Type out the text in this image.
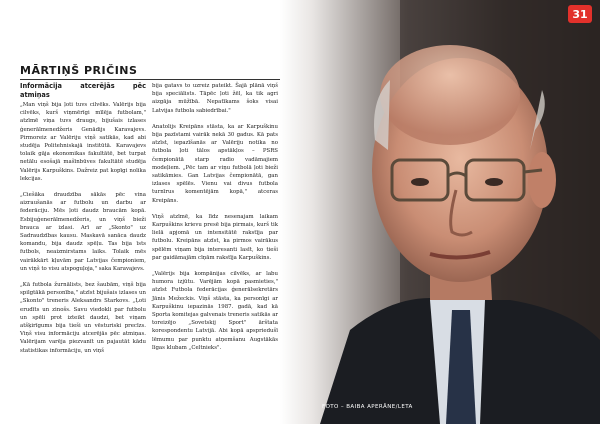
31
MĀRTIŅŠ PRIČINS
Informācija atcerējās pēc atmiņas

„Man viņš bija ļoti tuvs cilvēks. Valērijs bija cilvēks, kurš viņmērīgi mīlēja futbolam," atzīmē viņa tuvs draugs, bijušais izlases ģenerālmenedžeris Genādijs Karavajevs. Pirmoreiz ar Valēriju viņš satikās, kad abi studēja Politehniskajā institūtā. Karavajevs tolaik gāja ekonomikas fakultātē, bet turpat netālu esošajā mašīnbūves fakultātē studēja Valērijs Karpuškins. Dažreiz pat kopīgi nolika lekcijas.

„Ciešāka draudzība sākās pēc vina aizraušanās ar futbolu un darbu ar federāciju. Mēs ļoti daudz braucām kopā. Esbijuģenerālmenedžeris, un viņš bieži brauca ar izlasi. Arī ar „Skonto" uz Sadraudzības kausu. Maskavā sanāca daudz komandu, bija daudz spēļu. Tas bija īsts futbols, neaizmirstams laiks. Tolaik mēs vairākkārt kļuvām par Latvijas čempioniem, un viņš to visu atspoguļoja," saka Karavajevs.

„Kā futbola žurnālists, bez šaubām, viņš bija spilgtākā personība," atzīst bijušais izlases un „Skonto" treneris Aleksandrs Starkovs. „Ļoti erudīts un zinošs. Savu viedokli par futbolu un spēli prot izteikt daudzi, bet viņam atšķirīgums bija tieši un vēsturiski precīzs. Viņš visu informāciju atcerējās pēc atmiņas. Valērijam varēja piezvanīt un pajautāt kādu statistikas informāciju, un viņš

bija gatavs to uzreiz pateikt. Šajā plānā viņš bija speciālists. Tāpēc ļoti žēl, ka tik agri aizgāja mūžībā. Nepatīkams šoks visai Latvijas futbola sabiedrībai."

Anatolijs Kreipāns stāsta, ka ar Karpuškinu bija pazīstami vairāk nekā 30 gadus. Kā pats atzīst, iepazīšanās ar Valēriju notika no futbola ļoti tālos apstākļos – PSRS čempionātā starp radio vadāmajiem modeļiem. „Pēc tam ar viņu futbolā ļoti bieži satikāmies. Gan Latvijas čempionātā, gan izlases spēlēs. Vienu vai divus futbola turnīrus komentējām kopā," atceras Kreipāns.

Viņš atzīmē, ka līdz nesenajam laikam Karpuškins krievu presē bija pirmais, kurš tik lielā apjomā un intensitātē rakstīja par futbolu. Kreipāns atzīst, ka pirmos vairākus spēlēm viņam bija interesanti lasīt, ko tieši par gaidāmajām cīņām rakstīja Karpuškins.

„Valērijs bija kompānijas cilvēks, ar labu humora izjūtu. Varējām kopā pasmieties," atzīst Futbola federācijas ģenerālsekretārs Jānis Mežeckis. Viņš stāsta, ka personīgi ar Karpuškinu iepazinās 1987. gadā, kad kā Sporta komitejas galvenais treneris satikās ar toreizējo „Sovetskij Sport" ārštata korespondentu Latvijā. Abi kopā apspriedušī lēmumu par punktu atņemšanu Augstākās līgas klubam „Celtnieks".

FOTO – BAIBA APERĀNE/LETA
